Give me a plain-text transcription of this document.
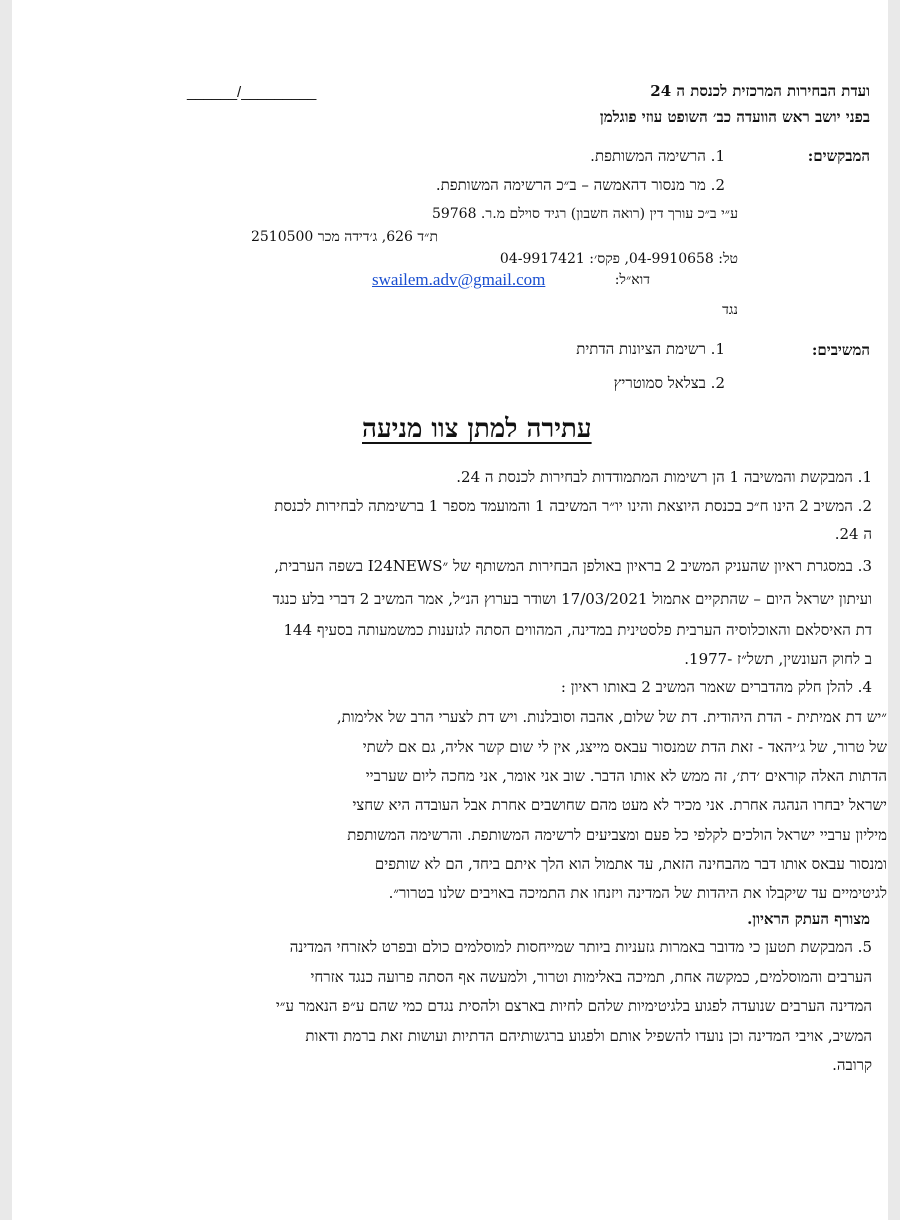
ועדת הבחירות המרכזית לכנסת ה 24
______/_________
בפני יושב ראש הוועדה כב׳ השופט עוזי פוגלמן
המבקשים:
1. הרשימה המשותפת.
2. מר מנסור דהאמשה – ב״כ הרשימה המשותפת.
ע״י ב״כ עורך דין (רואה חשבון) רגיד סוילם מ.ר. 59768
ת״ד 626, ג׳דידה מכר 2510500
טל: 04-9910658, פקס׳: 04-9917421
דוא״ל:
swailem.adv@gmail.com
נגד
המשיבים:
1. רשימת הציונות הדתית
2. בצלאל סמוטריץ
עתירה למתן צוו מניעה
1. המבקשת והמשיבה 1 הן רשימות המתמודדות לבחירות לכנסת ה 24.
2. המשיב 2 הינו ח״כ בכנסת היוצאת והינו יו״ר המשיבה 1 והמועמד מספר 1 ברשימתה לבחירות לכנסת
ה 24.
3. במסגרת ראיון שהעניק המשיב 2 בראיון באולפן הבחירות המשותף של ״I24NEWS בשפה הערבית,
ועיתון ישראל היום – שהתקיים אתמול 17/03/2021 ושודר בערוץ הנ״ל, אמר המשיב 2 דברי בלע כנגד
דת האיסלאם והאוכלוסיה הערבית פלסטינית במדינה, המהווים הסתה לגזענות כמשמעותה בסעיף 144
ב לחוק העונשין, תשל״ז -1977.
4. להלן חלק מהדברים שאמר המשיב 2 באותו ראיון :
״יש דת אמיתית - הדת היהודית. דת של שלום, אהבה וסובלנות. ויש דת לצערי הרב של אלימות,
של טרור, של ג׳יהאד - זאת הדת שמנסור עבאס מייצג, אין לי שום קשר אליה, גם אם לשתי
הדתות האלה קוראים ׳דת׳, זה ממש לא אותו הדבר. שוב אני אומר, אני מחכה ליום שערביי
ישראל יבחרו הנהגה אחרת. אני מכיר לא מעט מהם שחושבים אחרת אבל העובדה היא שחצי
מיליון ערביי ישראל הולכים לקלפי כל פעם ומצביעים לרשימה המשותפת. והרשימה המשותפת
ומנסור עבאס אותו דבר מהבחינה הזאת, עד אתמול הוא הלך איתם ביחד, הם לא שותפים
לגיטימיים עד שיקבלו את היהדות של המדינה ויזנחו את התמיכה באויבים שלנו בטרור״.
מצורף העתק הראיון.
5. המבקשת תטען כי מדובר באמרות גזעניות ביותר שמייחסות למוסלמים כולם ובפרט לאזרחי המדינה
הערבים והמוסלמים, כמקשה אחת, תמיכה באלימות וטרור, ולמעשה אף הסתה פרועה כנגד אזרחי
המדינה הערבים שנועדה לפגוע בלגיטימיות שלהם לחיות בארצם ולהסית נגדם כמי שהם ע״פ הנאמר ע״י
המשיב, אויבי המדינה וכן נועדו להשפיל אותם ולפגוע ברגשותיהם הדתיות ועושות זאת ברמת ודאות
קרובה.
